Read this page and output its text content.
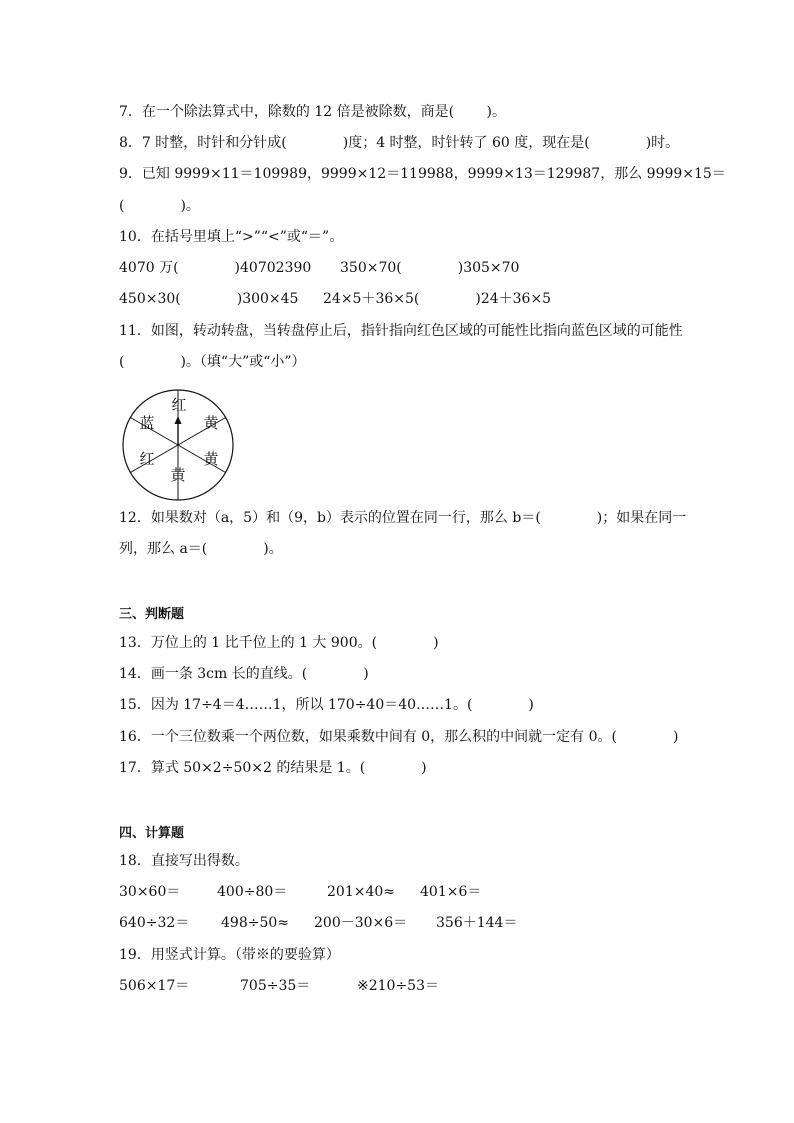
7．在一个除法算式中，除数的 12 倍是被除数，商是(　　 )。
8．7 时整，时针和分针成(　　　　)度；4 时整，时针转了 60 度，现在是(　　　　)时。
9．已知 9999×11＝109989，9999×12＝119988，9999×13＝129987，那么 9999×15＝
(　　　　)。
10．在括号里填上“>”“<”或“＝”。
4070 万(　　　　)40702390 350×70(　　　　)305×70
450×30(　　　　)300×45 24×5＋36×5(　　　　)24＋36×5
11．如图，转动转盘，当转盘停止后，指针指向红色区域的可能性比指向蓝色区域的可能性
(　　　　)。（填“大”或“小”）
红
黄
黄
黄
红
蓝
12．如果数对（a，5）和（9，b）表示的位置在同一行，那么 b＝(　　　　)；如果在同一
列，那么 a＝(　　　　)。
三、判断题
13．万位上的 1 比千位上的 1 大 900。(　　　　)
14．画一条 3cm 长的直线。(　　　　)
15．因为 17÷4＝4……1，所以 170÷40＝40……1。(　　　　)
16．一个三位数乘一个两位数，如果乘数中间有 0，那么积的中间就一定有 0。(　　　　)
17．算式 50×2÷50×2 的结果是 1。(　　　　)
四、计算题
18．直接写出得数。
30×60＝	400÷80＝	201×40≈ 401×6＝
640÷32＝ 498÷50≈ 200－30×6＝ 356＋144＝
19．用竖式计算。（带※的要验算）
506×17＝	705÷35＝	※210÷53＝
